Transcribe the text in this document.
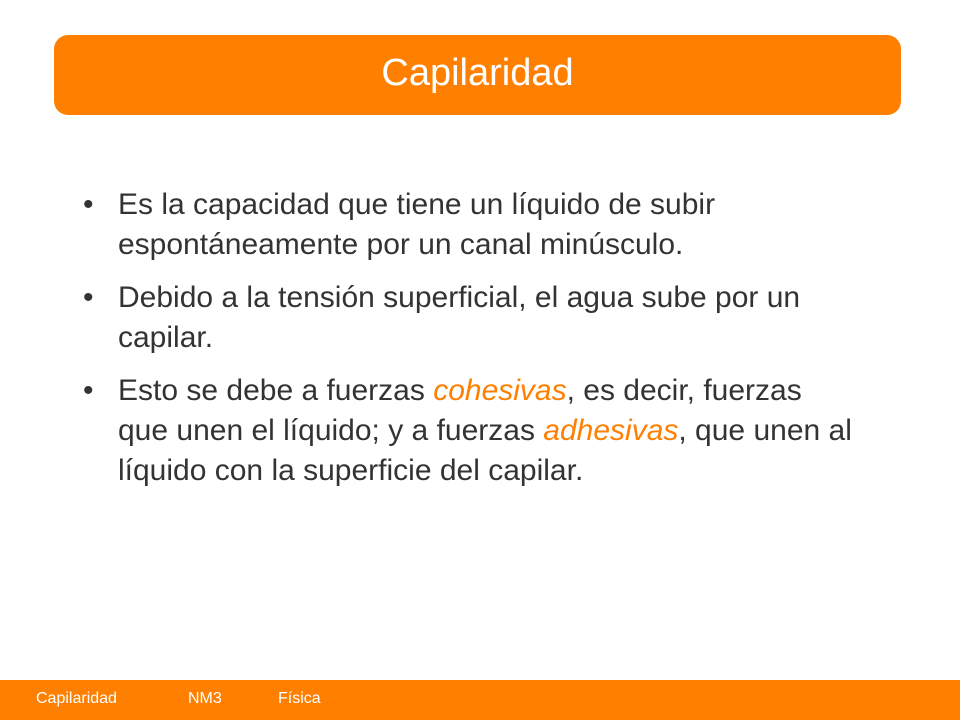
Capilaridad
• Es la capacidad que tiene un líquido de subir espontáneamente por un canal minúsculo.
• Debido a la tensión superficial, el agua sube por un capilar.
• Esto se debe a fuerzas cohesivas, es decir, fuerzas que unen el líquido; y a fuerzas adhesivas, que unen al líquido con la superficie del capilar.
Capilaridad	NM3	Física
